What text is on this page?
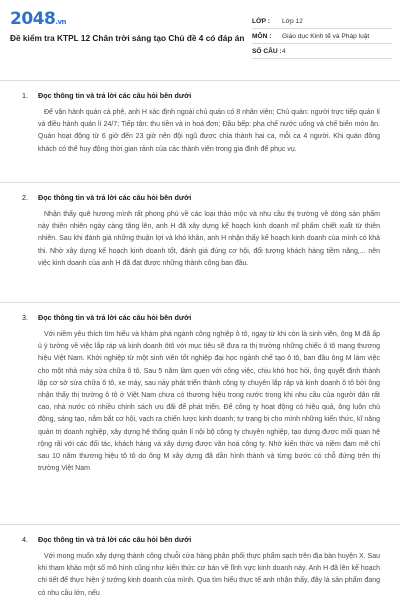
2048.vn
Đề kiểm tra KTPL 12 Chân trời sáng tạo Chủ đề 4 có đáp án
LỚP :	Lớp 12
MÔN :	Giáo dục Kinh tế và Pháp luật
SỐ CÂU : 4
1. Đọc thông tin và trả lời các câu hỏi bên dưới
Để vận hành quán cà phê, anh H xác định ngoài chủ quán có 8 nhân viên; Chủ quán: người trực tiếp quản lí và điều hành quán lí 24/7; Tiếp tân: thu tiền và in hoá đơn; Đầu bếp: pha chế nước uống và chế biến món ăn. Quán hoạt động từ 6 giờ đến 23 giờ nên đội ngũ được chia thành hai ca, mỗi ca 4 người. Khi quán đông khách có thể huy động thời gian rảnh của các thành viên trong gia đình để phục vụ.
2. Đọc thông tin và trả lời các câu hỏi bên dưới
Nhận thấy quê hương mình rất phong phú về các loại thảo mộc và nhu cầu thị trường về dòng sản phẩm này thiên nhiên ngày càng tăng lên, anh H đã xây dựng kế hoạch kinh doanh mĩ phẩm chiết xuất từ thiên nhiên. Sau khi đánh giá những thuận lợi và khó khăn, anh H nhận thấy kế hoạch kinh doanh của mình có khả thi. Nhờ xây dựng kế hoạch kinh doanh tốt, đánh giá đúng cơ hội, đối tượng khách hàng tiềm năng,... nên việc kinh doanh của anh H đã đạt được những thành công ban đầu.
3. Đọc thông tin và trả lời các câu hỏi bên dưới
Với niềm yêu thích tìm hiểu và khám phá ngành công nghiệp ô tô, ngay từ khi còn là sinh viên, ông M đã ấp ủ ý tưởng về việc lắp ráp và kinh doanh ôtô với mục tiêu sẽ đưa ra thị trường những chiếc ô tô mang thương hiệu Việt Nam. Khởi nghiệp từ một sinh viên tốt nghiệp đại học ngành chế tạo ô tô, ban đầu ông M làm việc cho một nhà máy sửa chữa ô tô. Sau 5 năm làm quen với công việc, chịu khó học hỏi, ông quyết định thành lập cơ sở sửa chữa ô tô, xe máy, sau này phát triển thành công ty chuyên lắp ráp và kinh doanh ô tô bởi ông nhận thấy thị trường ô tô ở Việt Nam chưa có thương hiệu trong nước trong khi nhu cầu của người dân rất cao, nhà nước có nhiều chính sách ưu đãi để phát triển. Để công ty hoạt động có hiệu quả, ông luôn chủ động, sáng tạo, nắm bắt cơ hội, vạch ra chiến lược kinh doanh; tự trang bị cho mình những kiến thức, kĩ năng quản trị doanh nghiệp, xây dựng hệ thống quản lí nội bộ công ty chuyên nghiệp, tạo dựng được mối quan hệ rộng rãi với các đối tác, khách hàng và xây dựng được văn hoá công ty. Nhờ kiến thức và niềm đam mê chỉ sau 10 năm thương hiệu tô tô do ông M xây dựng đã dần hình thành và từng bước có chỗ đứng trên thị trường Việt Nam
4. Đọc thông tin và trả lời các câu hỏi bên dưới
Với mong muốn xây dựng thành công chuỗi cửa hàng phân phối thực phẩm sạch trên địa bàn huyện X. Sau khi tham khảo một số mô hình cũng như kiến thức cơ bản về lĩnh vực kinh doanh này. Anh H đã lên kế hoạch chi tiết để thực hiện ý tưởng kinh doanh của mình. Qua tìm hiểu thực tế anh nhận thấy, đây là sản phẩm đang có nhu cầu lớn, nếu
